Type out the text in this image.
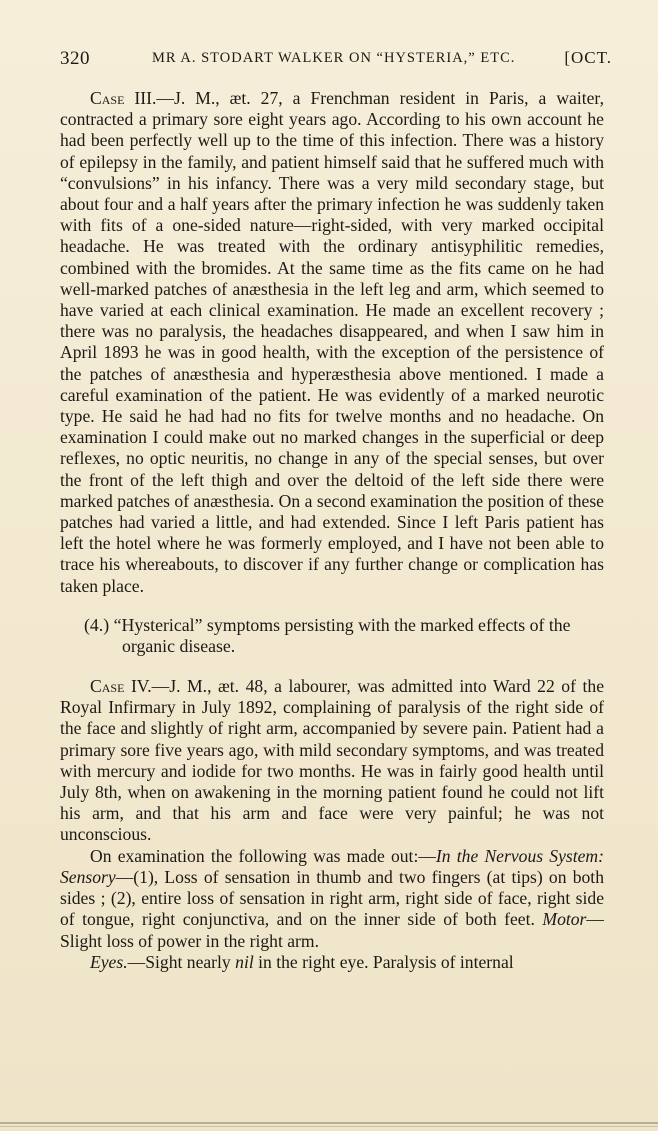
320	MR A. STODART WALKER ON “HYSTERIA,” ETC.	[OCT.

Case III.—J. M., æt. 27, a Frenchman resident in Paris, a waiter, contracted a primary sore eight years ago. According to his own account he had been perfectly well up to the time of this infection. There was a history of epilepsy in the family, and patient himself said that he suffered much with “convulsions” in his infancy. There was a very mild secondary stage, but about four and a half years after the primary infection he was suddenly taken with fits of a one-sided nature—right-sided, with very marked occipital headache. He was treated with the ordinary antisyphilitic remedies, combined with the bromides. At the same time as the fits came on he had well-marked patches of anæsthesia in the left leg and arm, which seemed to have varied at each clinical examination. He made an excellent recovery ; there was no paralysis, the headaches disappeared, and when I saw him in April 1893 he was in good health, with the exception of the persistence of the patches of anæsthesia and hyperæsthesia above mentioned. I made a careful examination of the patient. He was evidently of a marked neurotic type. He said he had had no fits for twelve months and no headache. On examination I could make out no marked changes in the superficial or deep reflexes, no optic neuritis, no change in any of the special senses, but over the front of the left thigh and over the deltoid of the left side there were marked patches of anæsthesia. On a second examination the position of these patches had varied a little, and had extended. Since I left Paris patient has left the hotel where he was formerly employed, and I have not been able to trace his whereabouts, to discover if any further change or complication has taken place.

(4.) “Hysterical” symptoms persisting with the marked effects of the organic disease.

Case IV.—J. M., æt. 48, a labourer, was admitted into Ward 22 of the Royal Infirmary in July 1892, complaining of paralysis of the right side of the face and slightly of right arm, accompanied by severe pain. Patient had a primary sore five years ago, with mild secondary symptoms, and was treated with mercury and iodide for two months. He was in fairly good health until July 8th, when on awakening in the morning patient found he could not lift his arm, and that his arm and face were very painful; he was not unconscious.

On examination the following was made out:—In the Nervous System: Sensory—(1), Loss of sensation in thumb and two fingers (at tips) on both sides ; (2), entire loss of sensation in right arm, right side of face, right side of tongue, right conjunctiva, and on the inner side of both feet. Motor—Slight loss of power in the right arm.

Eyes.—Sight nearly nil in the right eye. Paralysis of internal
